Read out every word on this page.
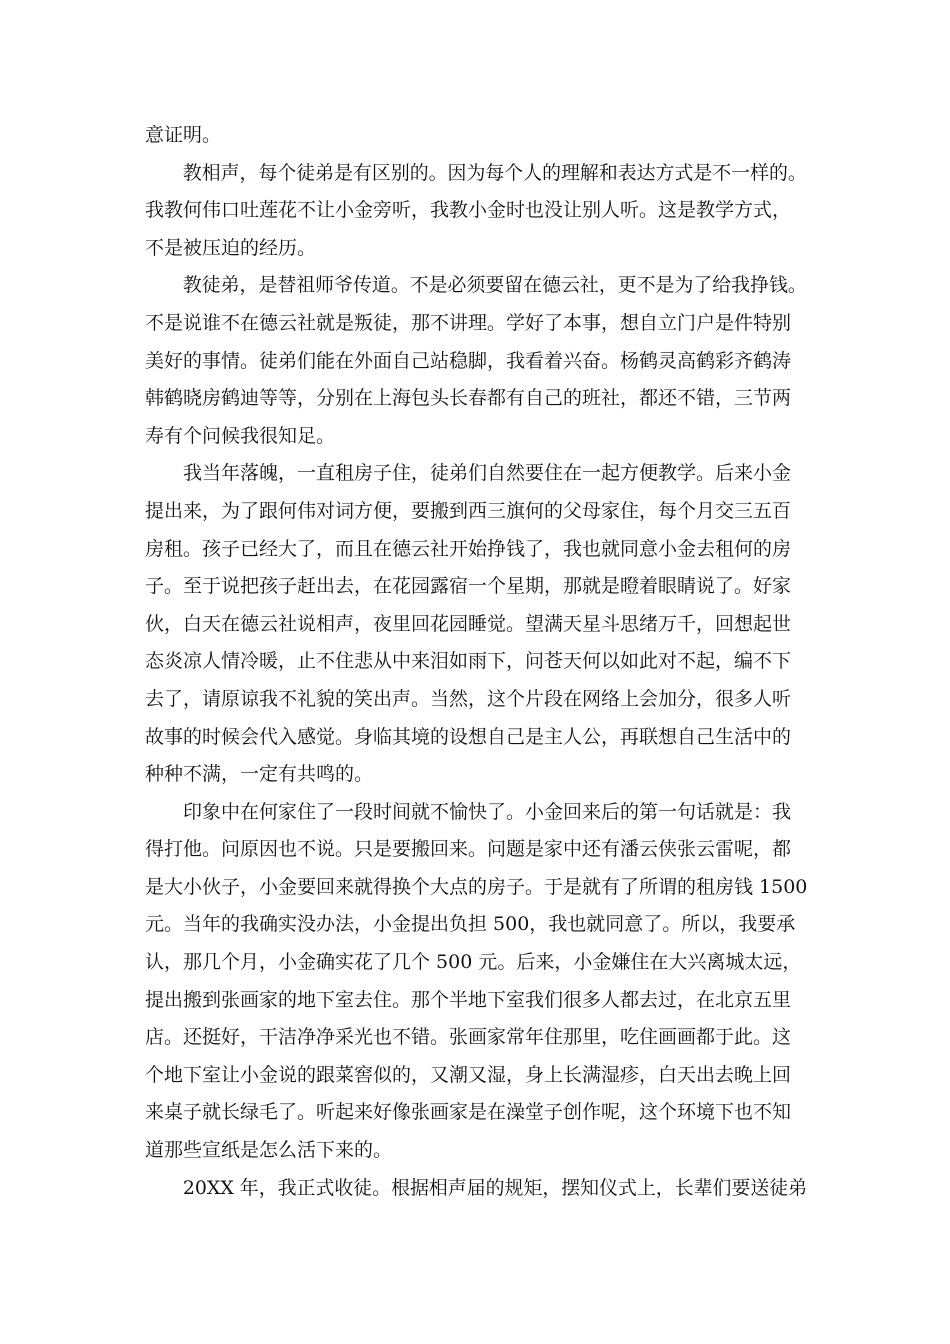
意证明。
教相声，每个徒弟是有区别的。因为每个人的理解和表达方式是不一样的。
我教何伟口吐莲花不让小金旁听，我教小金时也没让别人听。这是教学方式，
不是被压迫的经历。
教徒弟，是替祖师爷传道。不是必须要留在德云社，更不是为了给我挣钱。
不是说谁不在德云社就是叛徒，那不讲理。学好了本事，想自立门户是件特别
美好的事情。徒弟们能在外面自己站稳脚，我看着兴奋。杨鹤灵高鹤彩齐鹤涛
韩鹤晓房鹤迪等等，分别在上海包头长春都有自己的班社，都还不错，三节两
寿有个问候我很知足。
我当年落魄，一直租房子住，徒弟们自然要住在一起方便教学。后来小金
提出来，为了跟何伟对词方便，要搬到西三旗何的父母家住，每个月交三五百
房租。孩子已经大了，而且在德云社开始挣钱了，我也就同意小金去租何的房
子。至于说把孩子赶出去，在花园露宿一个星期，那就是瞪着眼睛说了。好家
伙，白天在德云社说相声，夜里回花园睡觉。望满天星斗思绪万千，回想起世
态炎凉人情冷暖，止不住悲从中来泪如雨下，问苍天何以如此对不起，编不下
去了，请原谅我不礼貌的笑出声。当然，这个片段在网络上会加分，很多人听
故事的时候会代入感觉。身临其境的设想自己是主人公，再联想自己生活中的
种种不满，一定有共鸣的。
印象中在何家住了一段时间就不愉快了。小金回来后的第一句话就是：我
得打他。问原因也不说。只是要搬回来。问题是家中还有潘云侠张云雷呢，都
是大小伙子，小金要回来就得换个大点的房子。于是就有了所谓的租房钱 1500
元。当年的我确实没办法，小金提出负担 500，我也就同意了。所以，我要承
认，那几个月，小金确实花了几个 500 元。后来，小金嫌住在大兴离城太远，
提出搬到张画家的地下室去住。那个半地下室我们很多人都去过，在北京五里
店。还挺好，干洁净净采光也不错。张画家常年住那里，吃住画画都于此。这
个地下室让小金说的跟菜窖似的，又潮又湿，身上长满湿疹，白天出去晚上回
来桌子就长绿毛了。听起来好像张画家是在澡堂子创作呢，这个环境下也不知
道那些宣纸是怎么活下来的。
20XX 年，我正式收徒。根据相声届的规矩，摆知仪式上，长辈们要送徒弟
